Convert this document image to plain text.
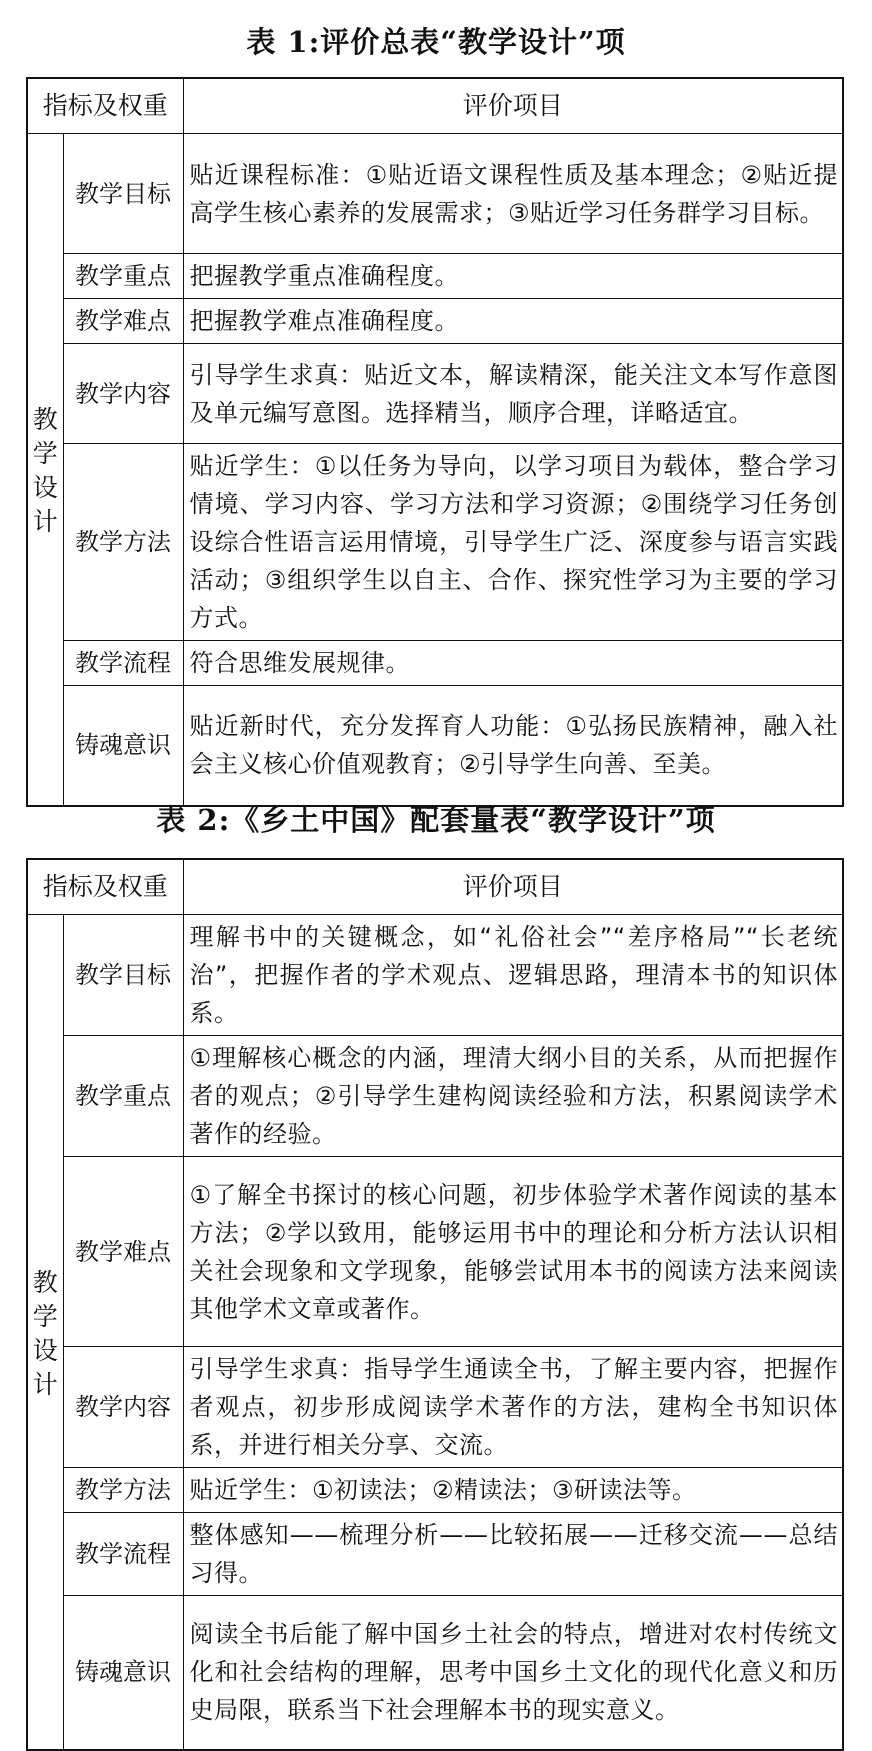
表 1:评价总表“教学设计”项
指标及权重		评价项目

教学设计	教学目标	贴近课程标准：①贴近语文课程性质及基本理念；②贴近提高学生核心素养的发展需求；③贴近学习任务群学习目标。
	教学重点	把握教学重点准确程度。
	教学难点	把握教学难点准确程度。
	教学内容	引导学生求真：贴近文本，解读精深，能关注文本写作意图及单元编写意图。选择精当，顺序合理，详略适宜。
	教学方法	贴近学生：①以任务为导向，以学习项目为载体，整合学习情境、学习内容、学习方法和学习资源；②围绕学习任务创设综合性语言运用情境，引导学生广泛、深度参与语言实践活动；③组织学生以自主、合作、探究性学习为主要的学习方式。
	教学流程	符合思维发展规律。
	铸魂意识	贴近新时代，充分发挥育人功能：①弘扬民族精神，融入社会主义核心价值观教育；②引导学生向善、至美。
表 2:《乡土中国》配套量表“教学设计”项
指标及权重		评价项目

教学设计	教学目标	理解书中的关键概念，如“礼俗社会”“差序格局”“长老统治”，把握作者的学术观点、逻辑思路，理清本书的知识体系。
	教学重点	①理解核心概念的内涵，理清大纲小目的关系，从而把握作者的观点；②引导学生建构阅读经验和方法，积累阅读学术著作的经验。
	教学难点	①了解全书探讨的核心问题，初步体验学术著作阅读的基本方法；②学以致用，能够运用书中的理论和分析方法认识相关社会现象和文学现象，能够尝试用本书的阅读方法来阅读其他学术文章或著作。
	教学内容	引导学生求真：指导学生通读全书，了解主要内容，把握作者观点，初步形成阅读学术著作的方法，建构全书知识体系，并进行相关分享、交流。
	教学方法	贴近学生：①初读法；②精读法；③研读法等。
	教学流程	整体感知——梳理分析——比较拓展——迁移交流——总结习得。
	铸魂意识	阅读全书后能了解中国乡土社会的特点，增进对农村传统文化和社会结构的理解，思考中国乡土文化的现代化意义和历史局限，联系当下社会理解本书的现实意义。
